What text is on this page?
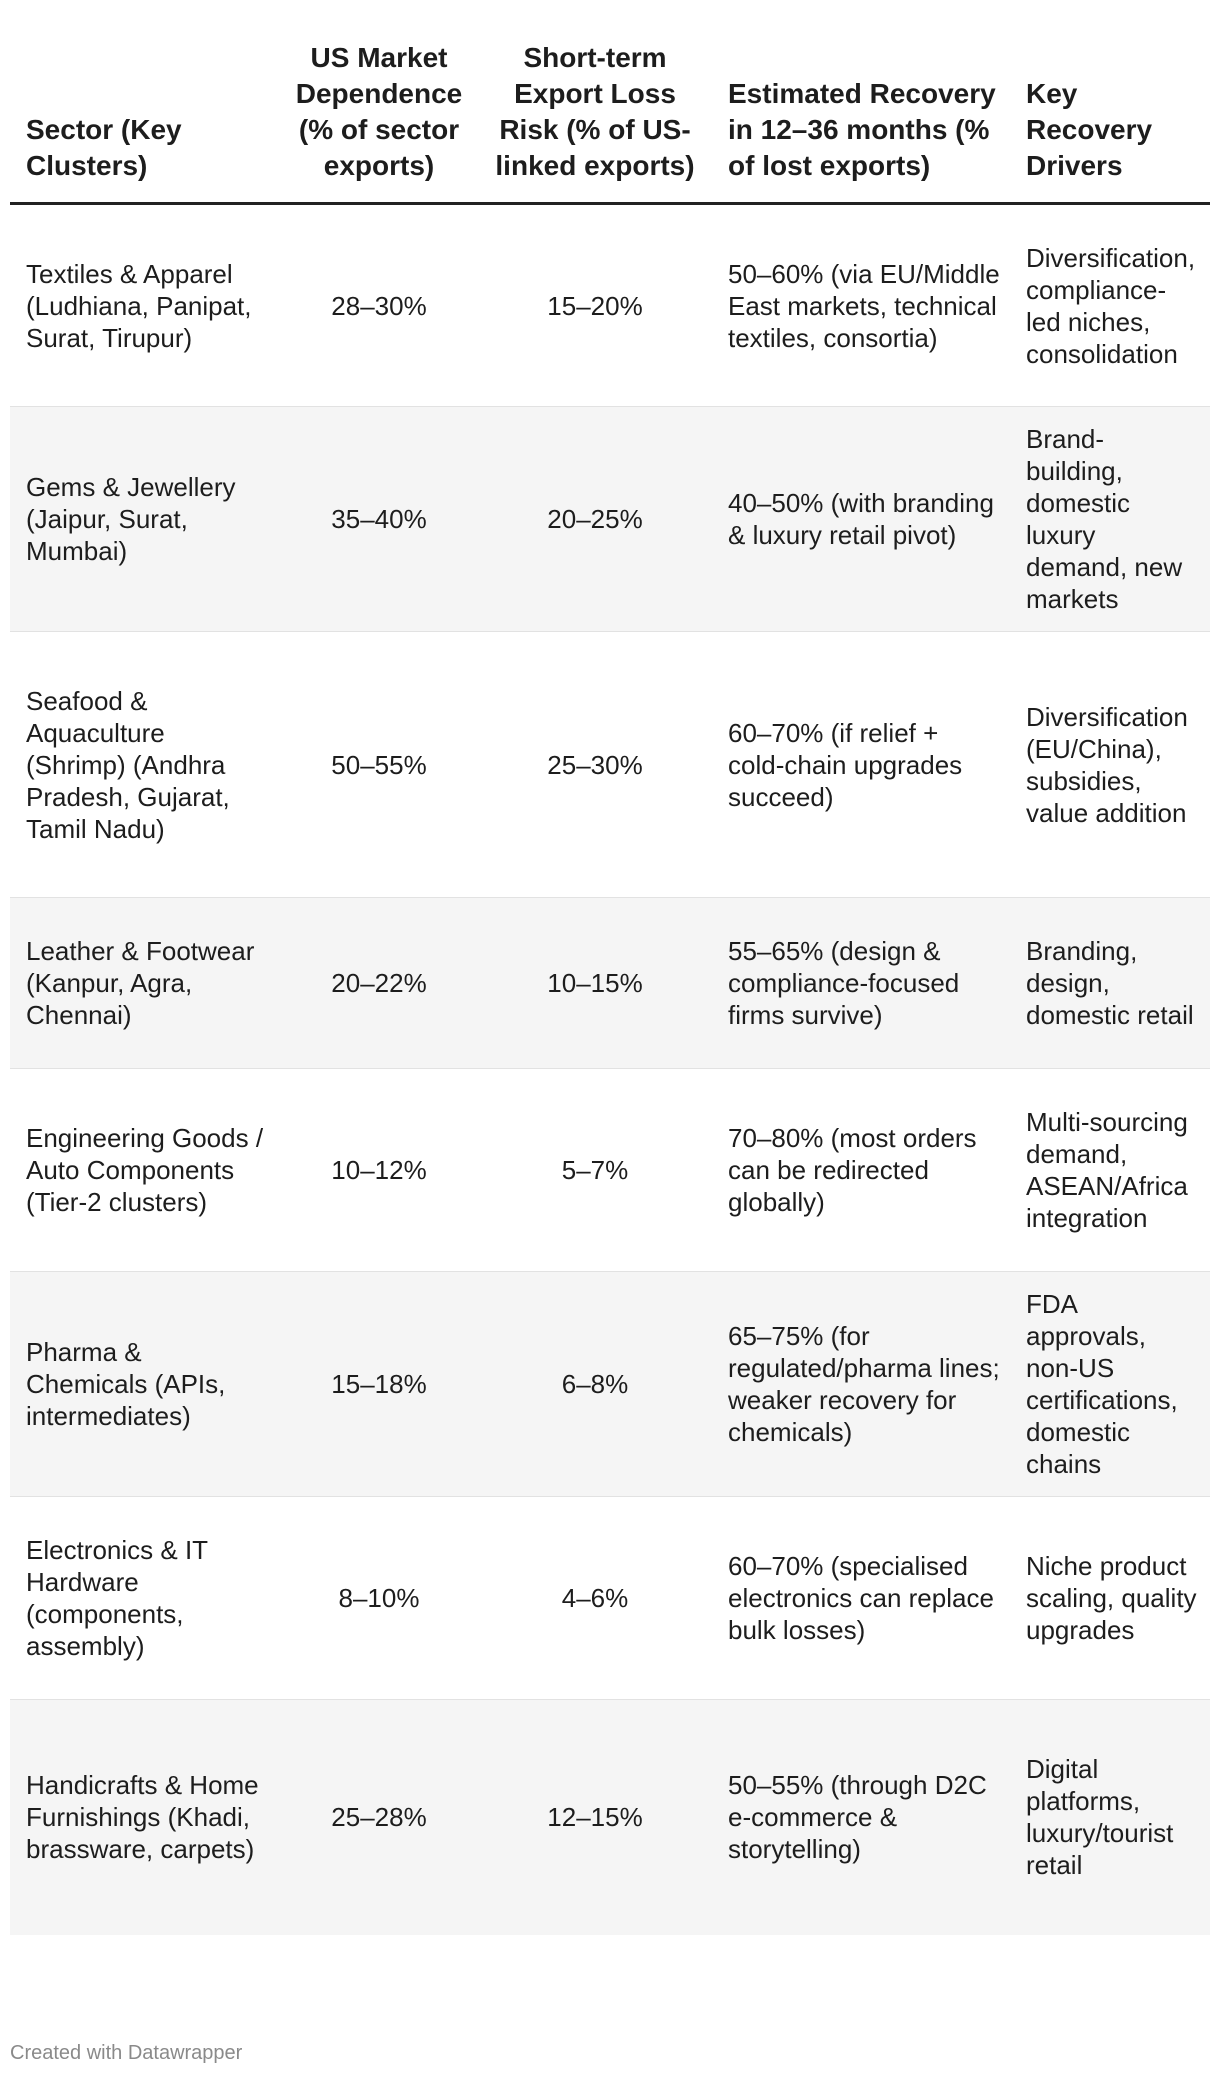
Sector (Key Clusters)	US Market Dependence (% of sector exports)	Short-term Export Loss Risk (% of US-linked exports)	Estimated Recovery in 12–36 months (% of lost exports)	Key Recovery Drivers
Textiles & Apparel (Ludhiana, Panipat, Surat, Tirupur)	28–30%	15–20%	50–60% (via EU/Middle East markets, technical textiles, consortia)	Diversification, compliance-led niches, consolidation
Gems & Jewellery (Jaipur, Surat, Mumbai)	35–40%	20–25%	40–50% (with branding & luxury retail pivot)	Brand-building, domestic luxury demand, new markets
Seafood & Aquaculture (Shrimp) (Andhra Pradesh, Gujarat, Tamil Nadu)	50–55%	25–30%	60–70% (if relief + cold-chain upgrades succeed)	Diversification (EU/China), subsidies, value addition
Leather & Footwear (Kanpur, Agra, Chennai)	20–22%	10–15%	55–65% (design & compliance-focused firms survive)	Branding, design, domestic retail
Engineering Goods / Auto Components (Tier-2 clusters)	10–12%	5–7%	70–80% (most orders can be redirected globally)	Multi-sourcing demand, ASEAN/Africa integration
Pharma & Chemicals (APIs, intermediates)	15–18%	6–8%	65–75% (for regulated/pharma lines; weaker recovery for chemicals)	FDA approvals, non-US certifications, domestic chains
Electronics & IT Hardware (components, assembly)	8–10%	4–6%	60–70% (specialised electronics can replace bulk losses)	Niche product scaling, quality upgrades
Handicrafts & Home Furnishings (Khadi, brassware, carpets)	25–28%	12–15%	50–55% (through D2C e-commerce & storytelling)	Digital platforms, luxury/tourist retail
Created with Datawrapper
